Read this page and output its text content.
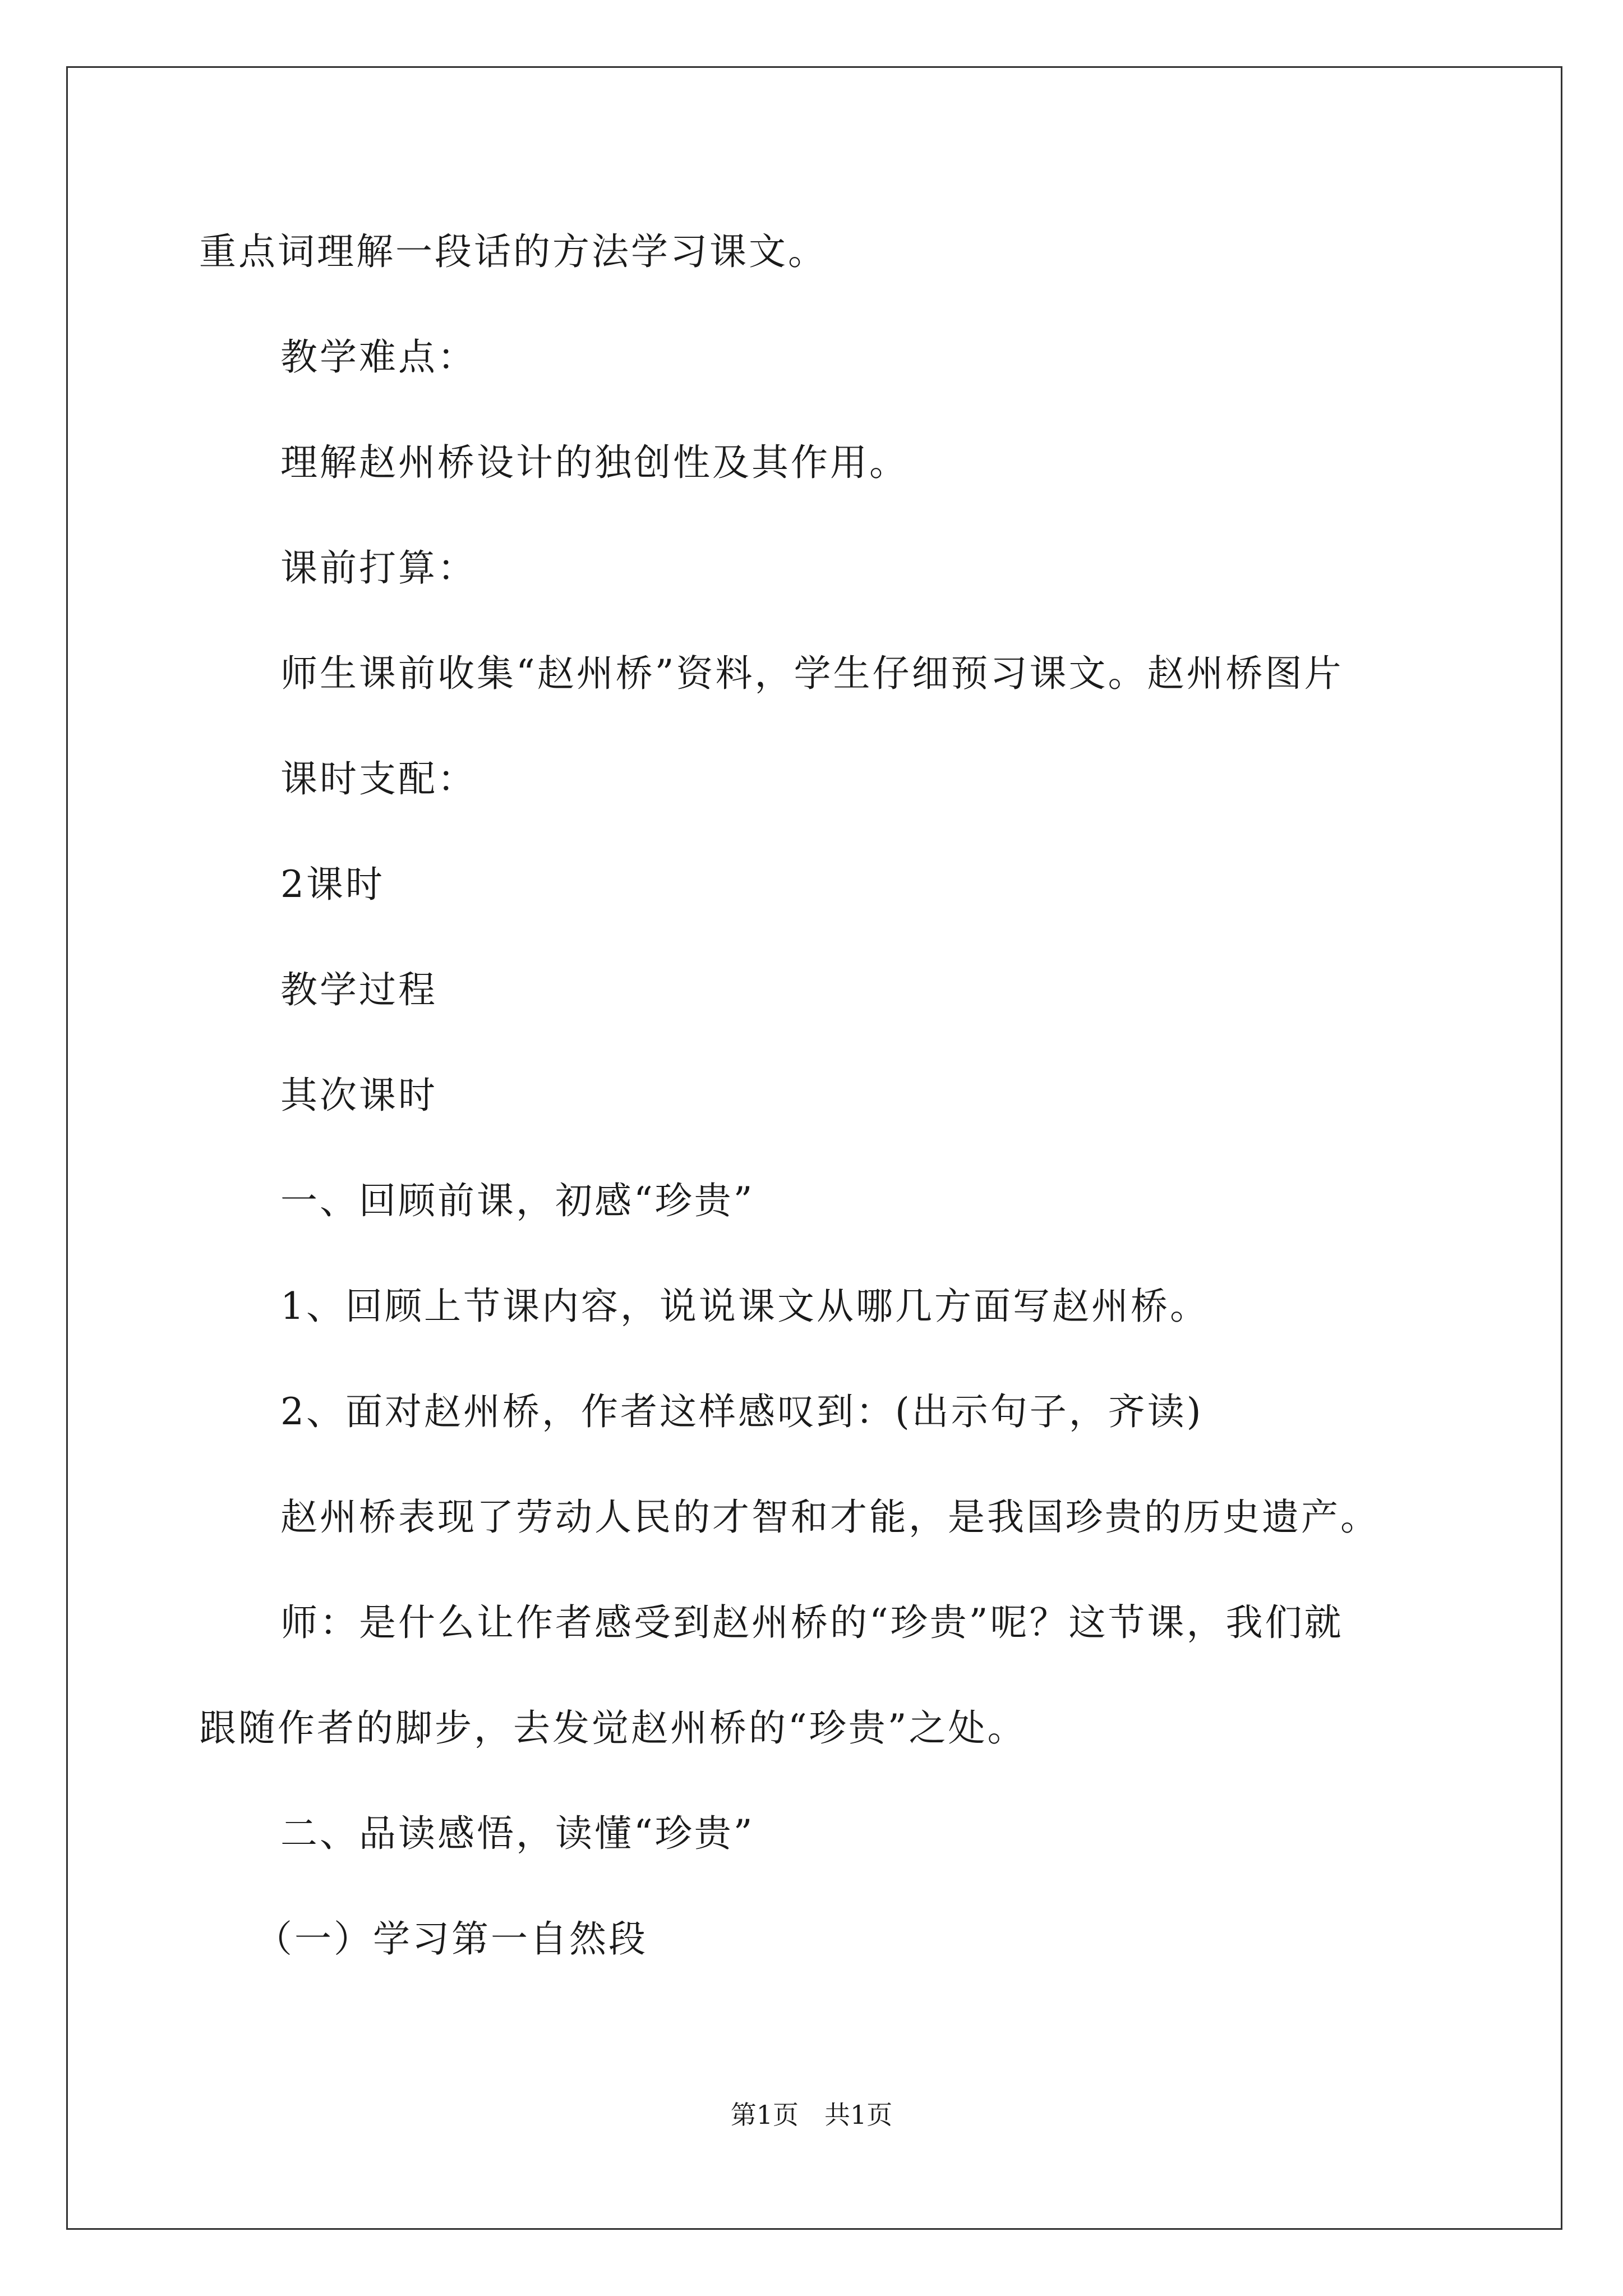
重点词理解一段话的方法学习课文。
教学难点：
理解赵州桥设计的独创性及其作用。
课前打算：
师生课前收集“赵州桥”资料，学生仔细预习课文。赵州桥图片
课时支配：
2课时
教学过程
其次课时
一、回顾前课，初感“珍贵”
1、回顾上节课内容，说说课文从哪几方面写赵州桥。
2、面对赵州桥，作者这样感叹到：(出示句子，齐读)
赵州桥表现了劳动人民的才智和才能，是我国珍贵的历史遗产。
师：是什么让作者感受到赵州桥的“珍贵”呢？这节课，我们就
跟随作者的脚步，去发觉赵州桥的“珍贵”之处。
二、品读感悟，读懂“珍贵”
（一）学习第一自然段
第1页　共1页
